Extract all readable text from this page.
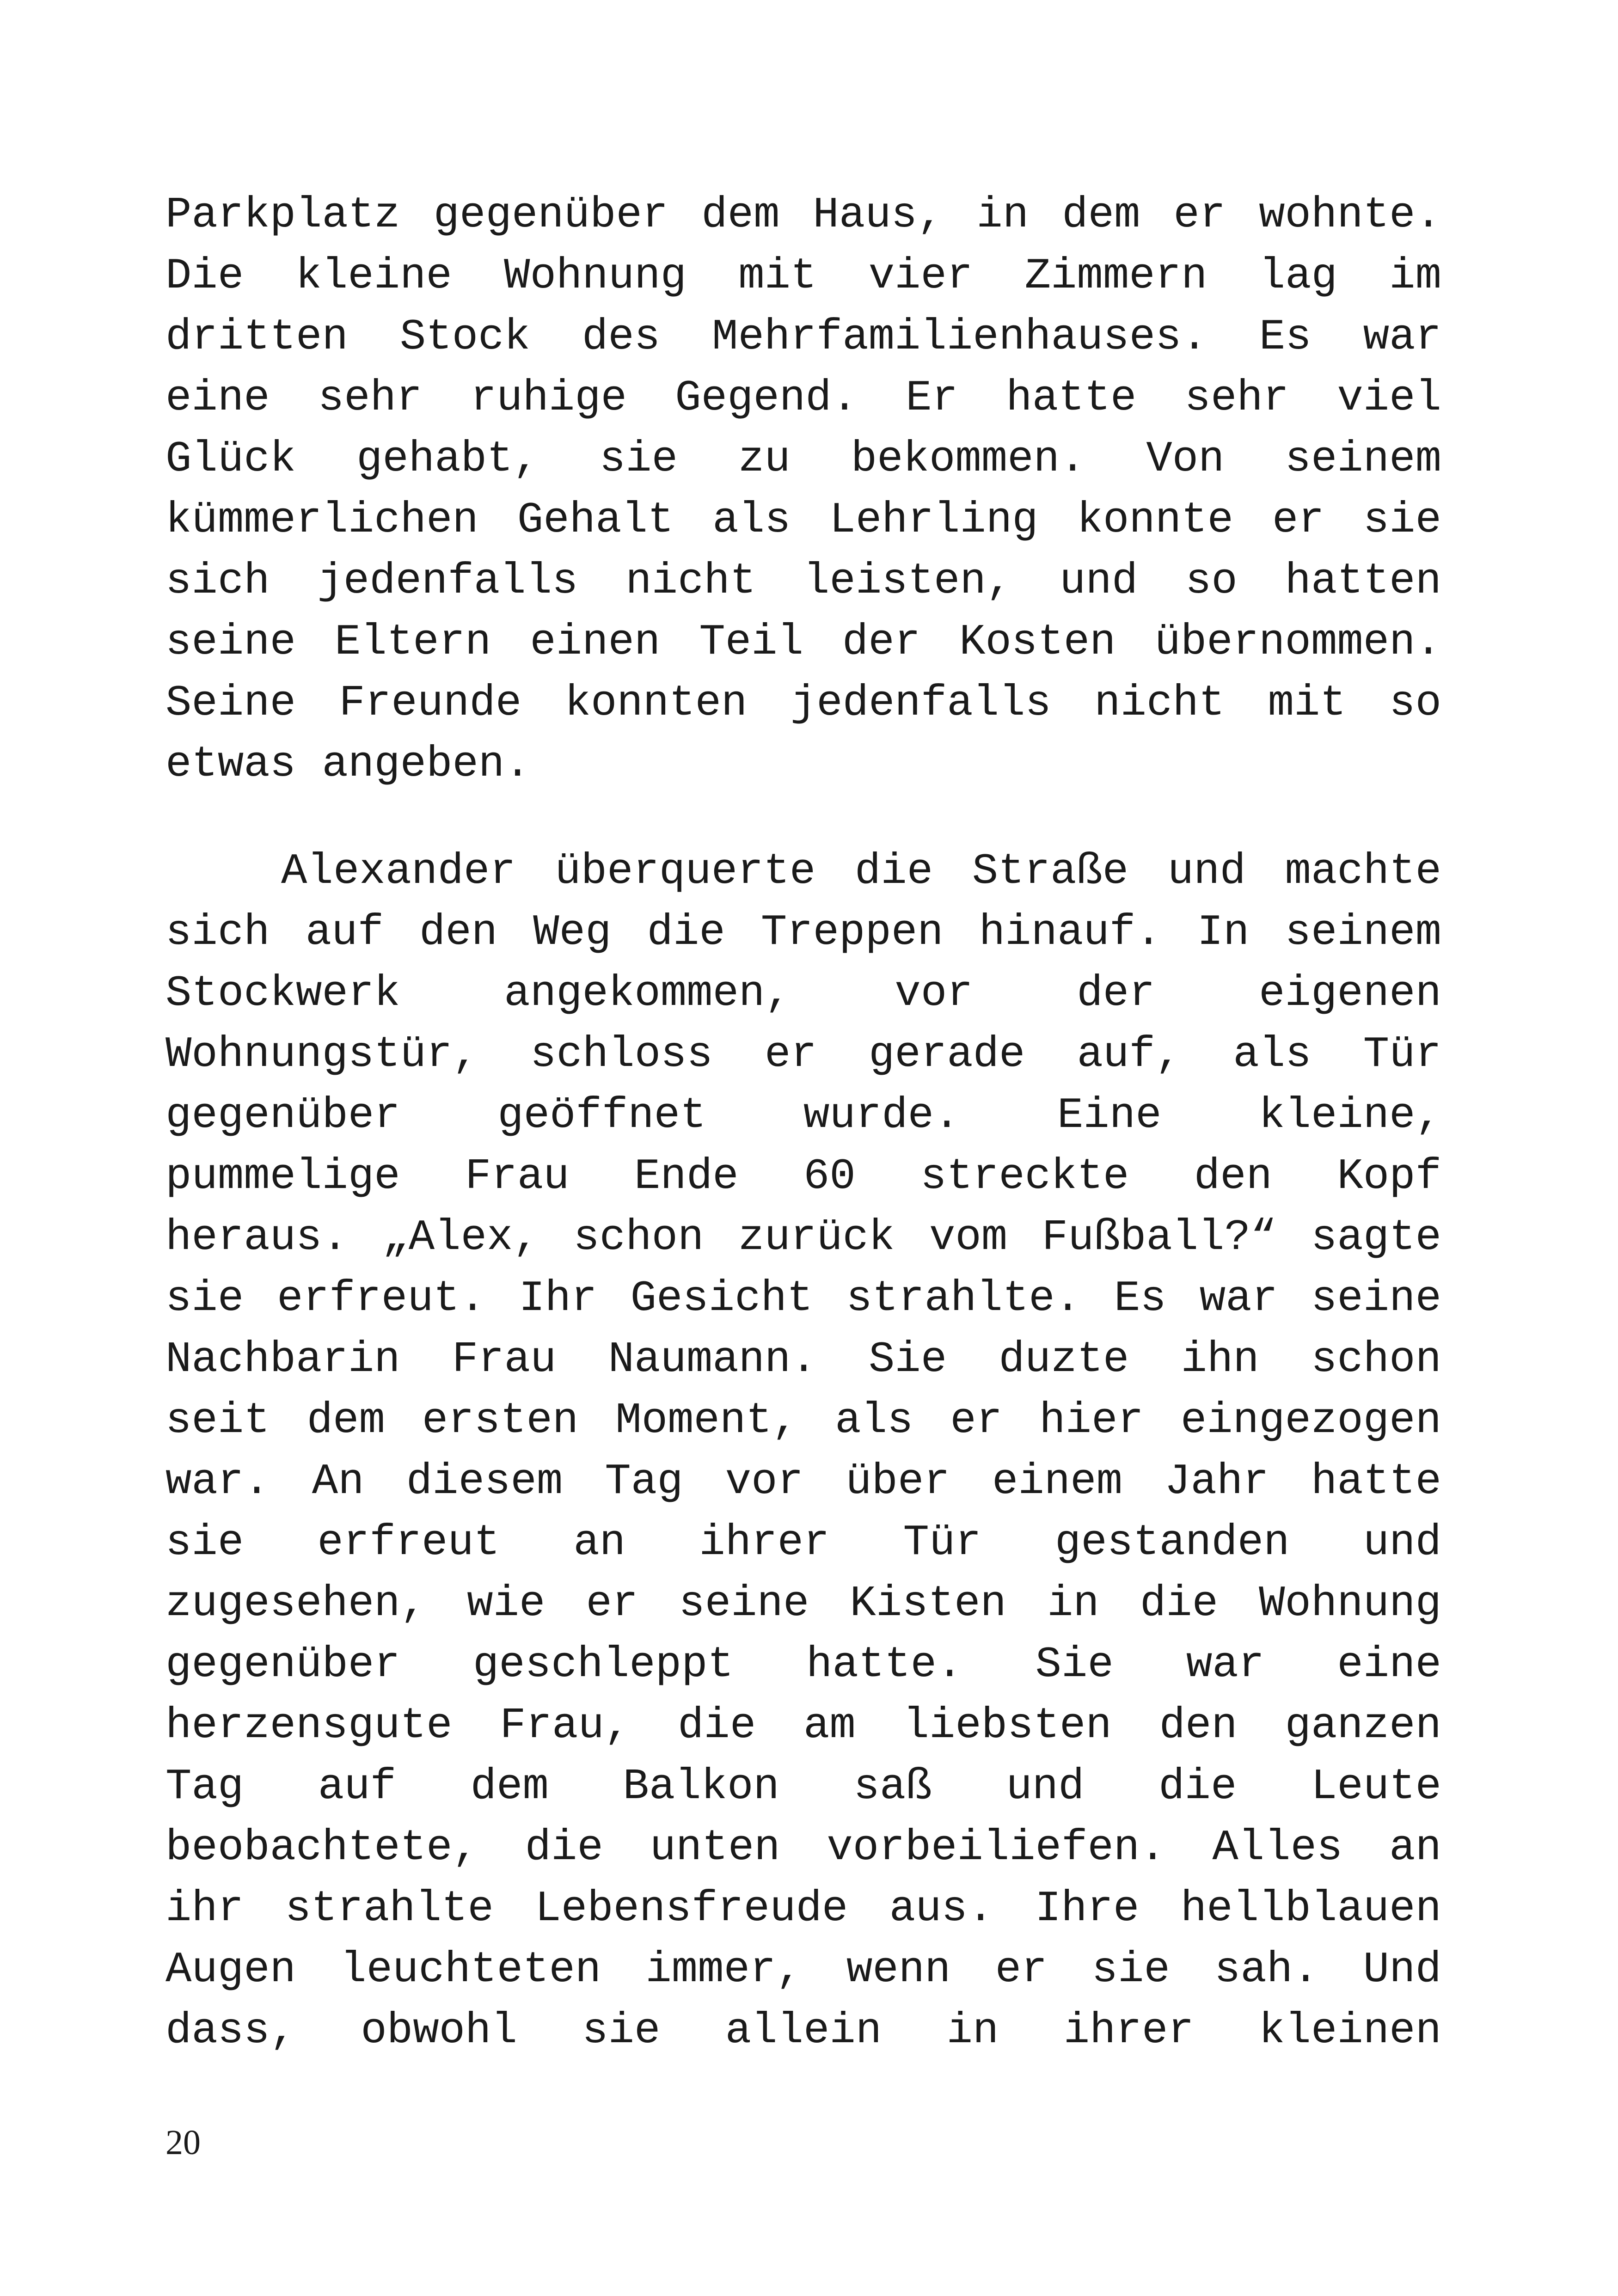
Parkplatz gegenüber dem Haus, in dem er wohnte.
Die kleine Wohnung mit vier Zimmern lag im
dritten Stock des Mehrfamilienhauses. Es war
eine sehr ruhige Gegend. Er hatte sehr viel
Glück gehabt, sie zu bekommen. Von seinem
kümmerlichen Gehalt als Lehrling konnte er sie
sich jedenfalls nicht leisten, und so hatten
seine Eltern einen Teil der Kosten übernommen.
Seine Freunde konnten jedenfalls nicht mit so
etwas angeben.
Alexander überquerte die Straße und machte
sich auf den Weg die Treppen hinauf. In seinem
Stockwerk angekommen, vor der eigenen
Wohnungstür, schloss er gerade auf, als Tür
gegenüber geöffnet wurde. Eine kleine,
pummelige Frau Ende 60 streckte den Kopf
heraus. „Alex, schon zurück vom Fußball?“ sagte
sie erfreut. Ihr Gesicht strahlte. Es war seine
Nachbarin Frau Naumann. Sie duzte ihn schon
seit dem ersten Moment, als er hier eingezogen
war. An diesem Tag vor über einem Jahr hatte
sie erfreut an ihrer Tür gestanden und
zugesehen, wie er seine Kisten in die Wohnung
gegenüber geschleppt hatte. Sie war eine
herzensgute Frau, die am liebsten den ganzen
Tag auf dem Balkon saß und die Leute
beobachtete, die unten vorbeiliefen. Alles an
ihr strahlte Lebensfreude aus. Ihre hellblauen
Augen leuchteten immer, wenn er sie sah. Und
dass, obwohl sie allein in ihrer kleinen
20
